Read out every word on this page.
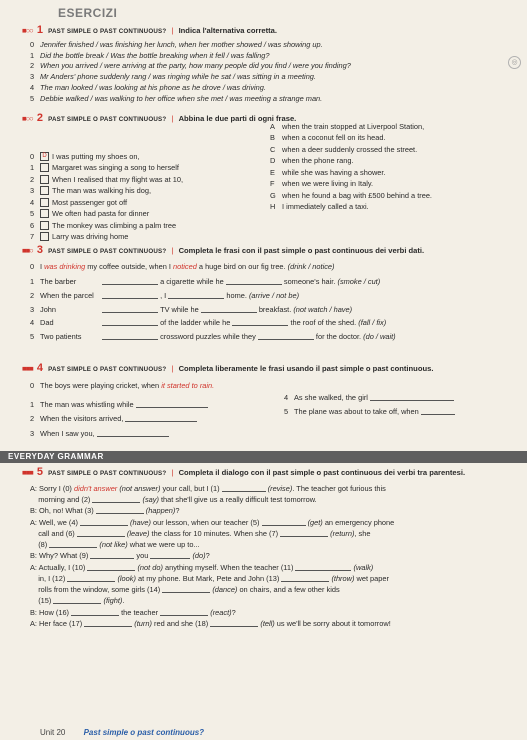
ESERCIZI
◎
■○○ 1 PAST SIMPLE O PAST CONTINUOUS? | Indica l'alternativa corretta.
0 Jennifer finished / was finishing her lunch, when her mother showed / was showing up.
1 Did the bottle break / Was the bottle breaking when it fell / was falling?
2 When you arrived / were arriving at the party, how many people did you find / were you finding?
3 Mr Anders' phone suddenly rang / was ringing while he sat / was sitting in a meeting.
4 The man looked / was looking at his phone as he drove / was driving.
5 Debbie walked / was walking to her office when she met / was meeting a strange man.
■○○ 2 PAST SIMPLE O PAST CONTINUOUS? | Abbina le due parti di ogni frase.
0	D I was putting my shoes on,
1	Margaret was singing a song to herself
2	When I realised that my flight was at 10,
3	The man was walking his dog,
4	Most passenger got off
5	We often had pasta for dinner
6	The monkey was climbing a palm tree
7	Larry was driving home
A when the train stopped at Liverpool Station,
B when a coconut fell on its head.
C when a deer suddenly crossed the street.
D when the phone rang.
E while she was having a shower.
F	when we were living in Italy.
G when he found a bag with £500 behind a tree.
H I immediately called a taxi.
■■○ 3 PAST SIMPLE O PAST CONTINUOUS? | Completa le frasi con il past simple o past continuous dei verbi dati.
0 I
was drinking
my coffee outside, when I
noticed
a huge bird on our fig tree.
(drink / notice)
1 The barber
	a cigarette while he

	someone's hair.
(smoke / cut)
2 When the parcel
	, I

	home.
(arrive / not be)
3 John
	TV while he

	breakfast.
(not watch / have)
4 Dad
	of the ladder while he

	the roof of the shed.
(fall / fix)
5 Two patients
	crossword puzzles while they

	for the doctor.
(do / wait)
■■■ 4 PAST SIMPLE O PAST CONTINUOUS? | Completa liberamente le frasi usando il past simple o past continuous.
0 The boys were playing cricket, when
it started to rain.
1 The man was whistling while

2 When the visitors arrived,

3 When I saw you,

4 As she walked, the girl

5 The plane was about to take off, when

EVERYDAY GRAMMAR
■■■ 5 PAST SIMPLE O PAST CONTINUOUS? | Completa il dialogo con il past simple o past continuous dei verbi tra parentesi.
A: Sorry I (0) didn't answer
(not answer) your call, but I (1)
	(revise) . The teacher got furious this
morning and (2)
	(say) that she'll give us a really difficult test tomorrow.
B: Oh, no! What (3)
	(happen) ?
A: Well, we (4)
	(have) our lesson, when our teacher (5)
	(get) an emergency phone
call and (6)
	(leave) the class for 10 minutes. When she (7)
	(return) , she
(8)
	(not like) what we were up to...
B: Why? What (9)	you
	(do) ?
A: Actually, I (10)
	(not do) anything myself. When the teacher (11)
	(walk)
in, I (12)
	(look) at my phone. But Mark, Pete and John (13)
	(throw) wet paper
rolls from the window, some girls (14)
	(dance) on chairs, and a few other kids
(15)
	(fight) .
B: How (16)	the teacher
	(react) ?
A: Her face (17)
	(turn) red and she (18)
	(tell) us we'll be sorry about it tomorrow!
Unit 20 Past simple o past continuous?
